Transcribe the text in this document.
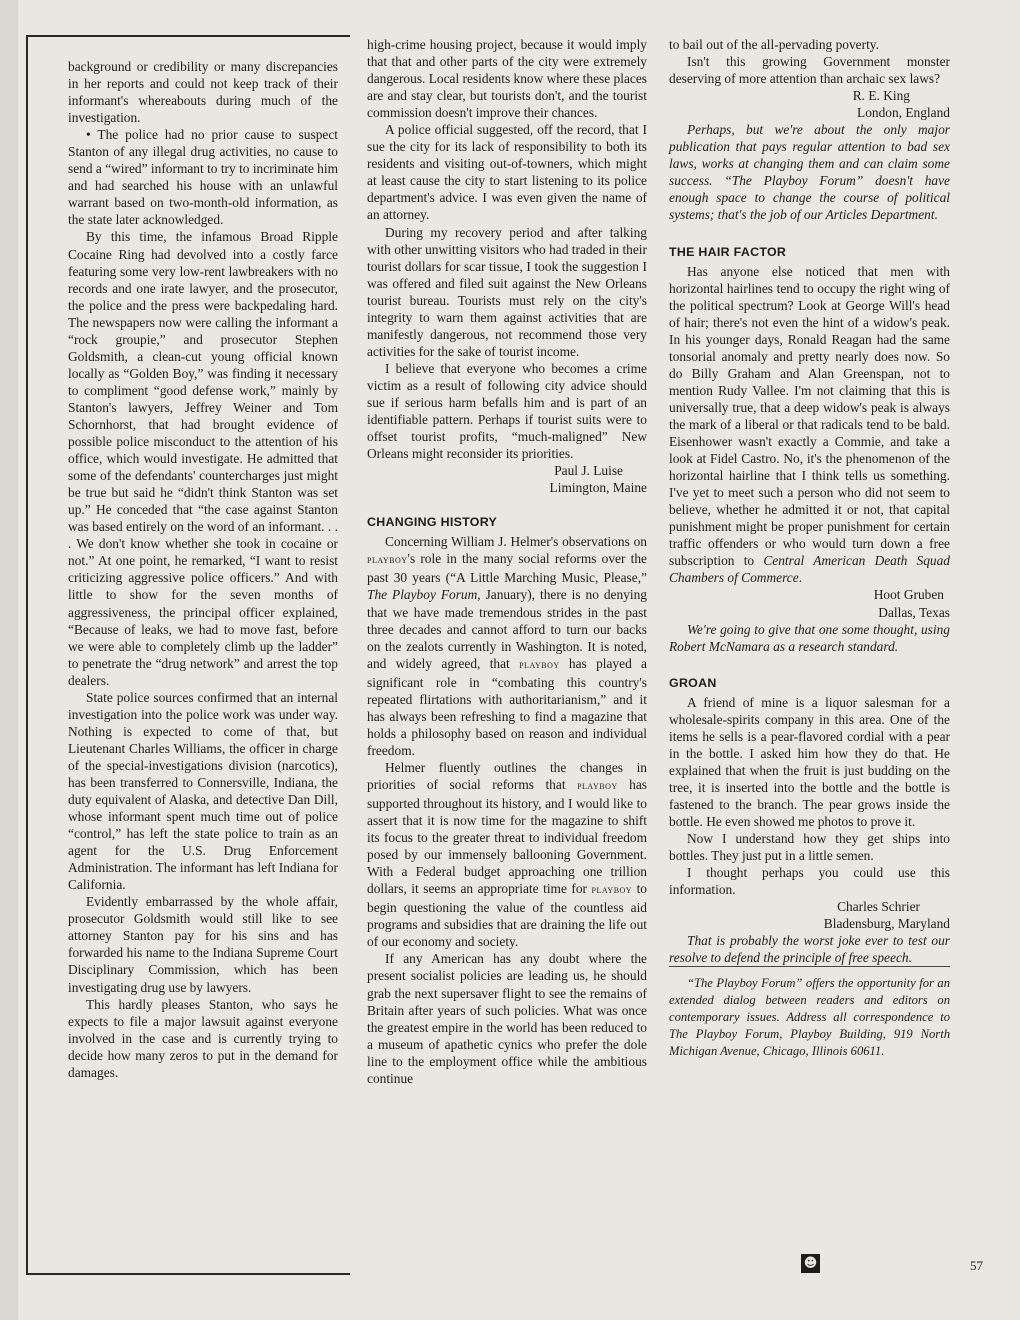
background or credibility or many discrepancies in her reports and could not keep track of their informant's whereabouts during much of the investigation.

• The police had no prior cause to suspect Stanton of any illegal drug activities, no cause to send a “wired” informant to try to incriminate him and had searched his house with an unlawful warrant based on two-month-old information, as the state later acknowledged.

By this time, the infamous Broad Ripple Cocaine Ring had devolved into a costly farce featuring some very low-rent lawbreakers with no records and one irate lawyer, and the prosecutor, the police and the press were backpedaling hard. The newspapers now were calling the informant a “rock groupie,” and prosecutor Stephen Goldsmith, a clean-cut young official known locally as “Golden Boy,” was finding it necessary to compliment “good defense work,” mainly by Stanton's lawyers, Jeffrey Weiner and Tom Schornhorst, that had brought evidence of possible police misconduct to the attention of his office, which would investigate. He admitted that some of the defendants' countercharges just might be true but said he “didn't think Stanton was set up.” He conceded that “the case against Stanton was based entirely on the word of an informant. . . . We don't know whether she took in cocaine or not.” At one point, he remarked, “I want to resist criticizing aggressive police officers.” And with little to show for the seven months of aggressiveness, the principal officer explained, “Because of leaks, we had to move fast, before we were able to completely climb up the ladder” to penetrate the “drug network” and arrest the top dealers.

State police sources confirmed that an internal investigation into the police work was under way. Nothing is expected to come of that, but Lieutenant Charles Williams, the officer in charge of the special-investigations division (narcotics), has been transferred to Connersville, Indiana, the duty equivalent of Alaska, and detective Dan Dill, whose informant spent much time out of police “control,” has left the state police to train as an agent for the U.S. Drug Enforcement Administration. The informant has left Indiana for California.

Evidently embarrassed by the whole affair, prosecutor Goldsmith would still like to see attorney Stanton pay for his sins and has forwarded his name to the Indiana Supreme Court Disciplinary Commission, which has been investigating drug use by lawyers.

This hardly pleases Stanton, who says he expects to file a major lawsuit against everyone involved in the case and is currently trying to decide how many zeros to put in the demand for damages.

high-crime housing project, because it would imply that that and other parts of the city were extremely dangerous. Local residents know where these places are and stay clear, but tourists don't, and the tourist commission doesn't improve their chances.

A police official suggested, off the record, that I sue the city for its lack of responsibility to both its residents and visiting out-of-towners, which might at least cause the city to start listening to its police department's advice. I was even given the name of an attorney.

During my recovery period and after talking with other unwitting visitors who had traded in their tourist dollars for scar tissue, I took the suggestion I was offered and filed suit against the New Orleans tourist bureau. Tourists must rely on the city's integrity to warn them against activities that are manifestly dangerous, not recommend those very activities for the sake of tourist income.

I believe that everyone who becomes a crime victim as a result of following city advice should sue if serious harm befalls him and is part of an identifiable pattern. Perhaps if tourist suits were to offset tourist profits, “much-maligned” New Orleans might reconsider its priorities.

Paul J. Luise

Limington, Maine

CHANGING HISTORY

Concerning William J. Helmer's observations on playboy's role in the many social reforms over the past 30 years (“A Little Marching Music, Please,” The Playboy Forum, January), there is no denying that we have made tremendous strides in the past three decades and cannot afford to turn our backs on the zealots currently in Washington. It is noted, and widely agreed, that playboy has played a significant role in “combating this country's repeated flirtations with authoritarianism,” and it has always been refreshing to find a magazine that holds a philosophy based on reason and individual freedom.

Helmer fluently outlines the changes in priorities of social reforms that playboy has supported throughout its history, and I would like to assert that it is now time for the magazine to shift its focus to the greater threat to individual freedom posed by our immensely ballooning Government. With a Federal budget approaching one trillion dollars, it seems an appropriate time for playboy to begin questioning the value of the countless aid programs and subsidies that are draining the life out of our economy and society.

If any American has any doubt where the present socialist policies are leading us, he should grab the next supersaver flight to see the remains of Britain after years of such policies. What was once the greatest empire in the world has been reduced to a museum of apathetic cynics who prefer the dole line to the employment office while the ambitious continue

to bail out of the all-pervading poverty.

Isn't this growing Government monster deserving of more attention than archaic sex laws?

R. E. King

London, England

Perhaps, but we're about the only major publication that pays regular attention to bad sex laws, works at changing them and can claim some success. “The Playboy Forum” doesn't have enough space to change the course of political systems; that's the job of our Articles Department.

THE HAIR FACTOR

Has anyone else noticed that men with horizontal hairlines tend to occupy the right wing of the political spectrum? Look at George Will's head of hair; there's not even the hint of a widow's peak. In his younger days, Ronald Reagan had the same tonsorial anomaly and pretty nearly does now. So do Billy Graham and Alan Greenspan, not to mention Rudy Vallee. I'm not claiming that this is universally true, that a deep widow's peak is always the mark of a liberal or that radicals tend to be bald. Eisenhower wasn't exactly a Commie, and take a look at Fidel Castro. No, it's the phenomenon of the horizontal hairline that I think tells us something. I've yet to meet such a person who did not seem to believe, whether he admitted it or not, that capital punishment might be proper punishment for certain traffic offenders or who would turn down a free subscription to Central American Death Squad Chambers of Commerce.

Hoot Gruben

Dallas, Texas

We're going to give that one some thought, using Robert McNamara as a research standard.

GROAN

A friend of mine is a liquor salesman for a wholesale-spirits company in this area. One of the items he sells is a pear-flavored cordial with a pear in the bottle. I asked him how they do that. He explained that when the fruit is just budding on the tree, it is inserted into the bottle and the bottle is fastened to the branch. The pear grows inside the bottle. He even showed me photos to prove it.

Now I understand how they get ships into bottles. They just put in a little semen.

I thought perhaps you could use this information.

Charles Schrier

Bladensburg, Maryland

That is probably the worst joke ever to test our resolve to defend the principle of free speech.

“The Playboy Forum” offers the opportunity for an extended dialog between readers and editors on contemporary issues. Address all correspondence to The Playboy Forum, Playboy Building, 919 North Michigan Avenue, Chicago, Illinois 60611.

☻	57
